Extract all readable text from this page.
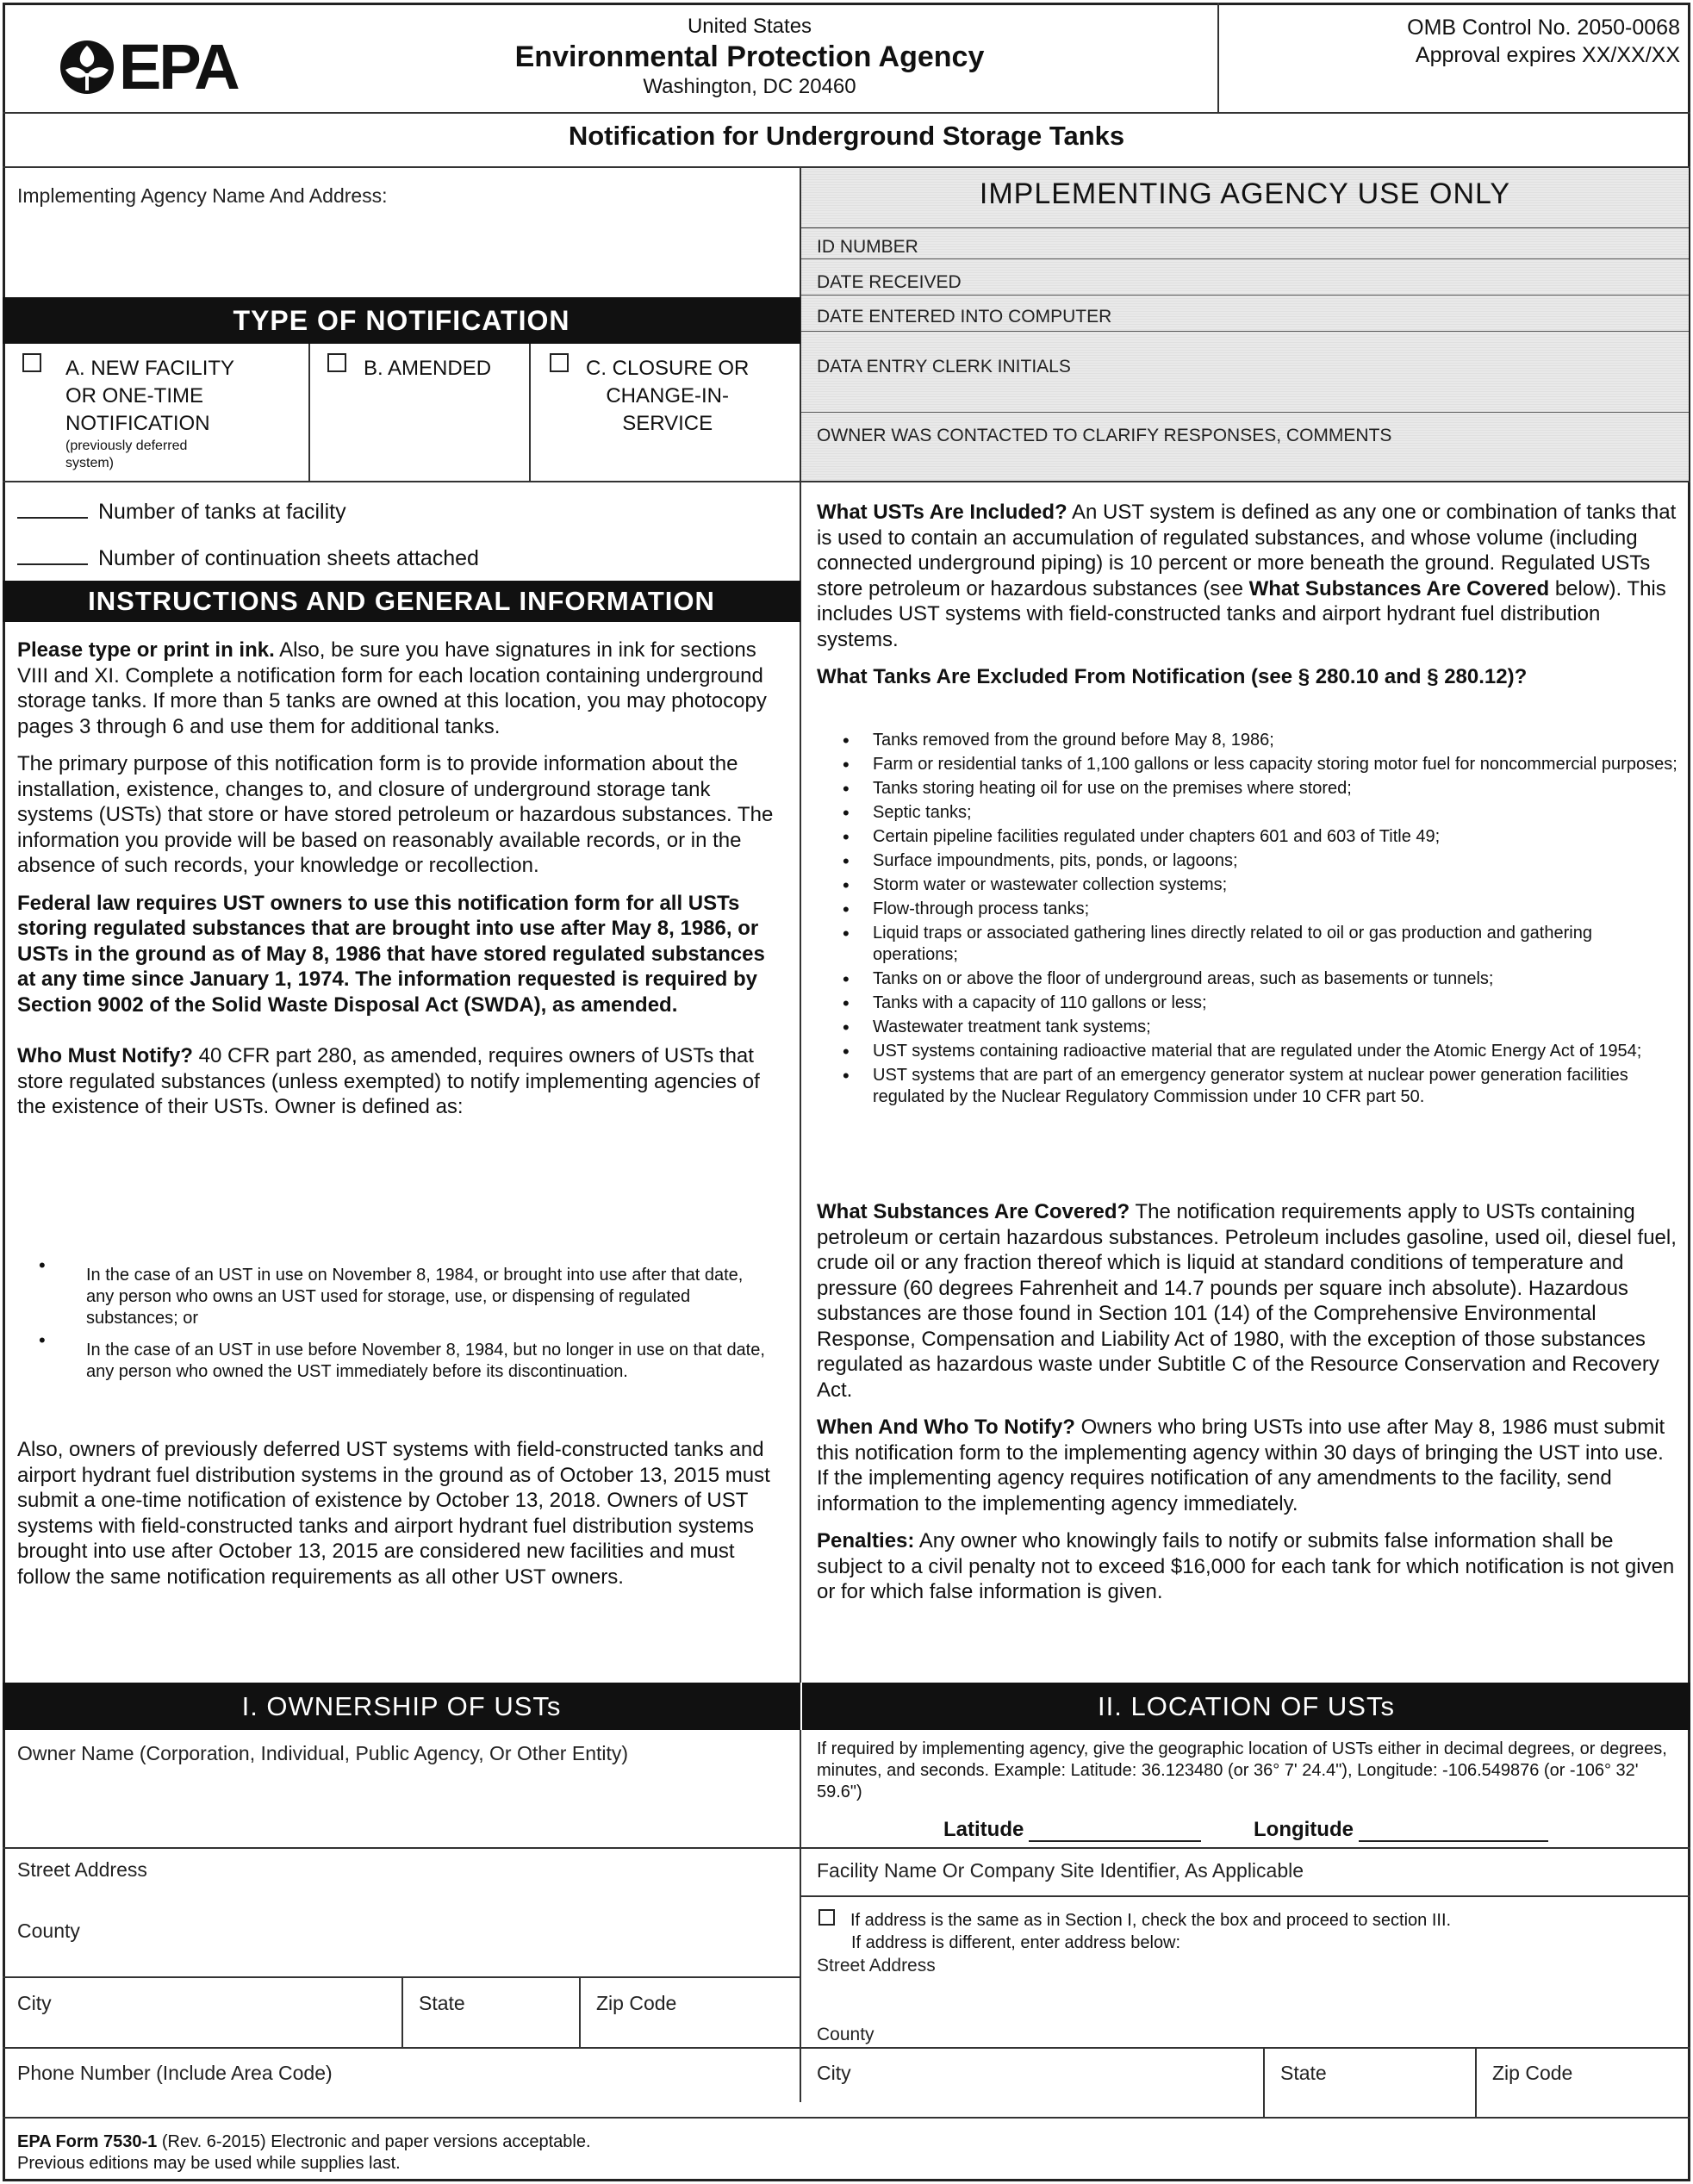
EPA
United States
Environmental Protection Agency
Washington, DC 20460
OMB Control No. 2050-0068
Approval expires XX/XX/XX
Notification for Underground Storage Tanks
Implementing Agency Name And Address:	IMPLEMENTING AGENCY USE ONLY
ID NUMBER
DATE RECEIVED
DATE ENTERED INTO COMPUTER
DATA ENTRY CLERK INITIALS
OWNER WAS CONTACTED TO CLARIFY RESPONSES, COMMENTS
TYPE OF NOTIFICATION
A. NEW FACILITY
OR ONE-TIME
NOTIFICATION
(previously deferred
system)
B. AMENDED	C. CLOSURE OR
CHANGE-IN-
SERVICE
Number of tanks at facility
Number of continuation sheets attached
INSTRUCTIONS AND GENERAL INFORMATION

Please type or print in ink. Also, be sure you have signatures in ink for sections VIII and XI. Complete a notification form for each location containing underground storage tanks. If more than 5 tanks are owned at this location, you may photocopy pages 3 through 6 and use them for additional tanks.

The primary purpose of this notification form is to provide information about the installation, existence, changes to, and closure of underground storage tank systems (USTs) that store or have stored petroleum or hazardous substances. The information you provide will be based on reasonably available records, or in the absence of such records, your knowledge or recollection.

Federal law requires UST owners to use this notification form for all USTs storing regulated substances that are brought into use after May 8, 1986, or USTs in the ground as of May 8, 1986 that have stored regulated substances at any time since January 1, 1974. The information requested is required by Section 9002 of the Solid Waste Disposal Act (SWDA), as amended.

Who Must Notify? 40 CFR part 280, as amended, requires owners of USTs that store regulated substances (unless exempted) to notify implementing agencies of the existence of their USTs. Owner is defined as:

• In the case of an UST in use on November 8, 1984, or brought into use after that date, any person who owns an UST used for storage, use, or dispensing of regulated substances; or
• In the case of an UST in use before November 8, 1984, but no longer in use on that date, any person who owned the UST immediately before its discontinuation.
Also, owners of previously deferred UST systems with field-constructed tanks and airport hydrant fuel distribution systems in the ground as of October 13, 2015 must submit a one-time notification of existence by October 13, 2018. Owners of UST systems with field-constructed tanks and airport hydrant fuel distribution systems brought into use after October 13, 2015 are considered new facilities and must follow the same notification requirements as all other UST owners.

What USTs Are Included? An UST system is defined as any one or combination of tanks that is used to contain an accumulation of regulated substances, and whose volume (including connected underground piping) is 10 percent or more beneath the ground. Regulated USTs store petroleum or hazardous substances (see What Substances Are Covered below). This includes UST systems with field-constructed tanks and airport hydrant fuel distribution systems.

What Tanks Are Excluded From Notification (see § 280.10 and § 280.12)?

• Tanks removed from the ground before May 8, 1986;
• Farm or residential tanks of 1,100 gallons or less capacity storing motor fuel for noncommercial purposes;
• Tanks storing heating oil for use on the premises where stored;
• Septic tanks;
• Certain pipeline facilities regulated under chapters 601 and 603 of Title 49;
• Surface impoundments, pits, ponds, or lagoons;
• Storm water or wastewater collection systems;
• Flow-through process tanks;
• Liquid traps or associated gathering lines directly related to oil or gas production and gathering operations;
• Tanks on or above the floor of underground areas, such as basements or tunnels;
• Tanks with a capacity of 110 gallons or less;
• Wastewater treatment tank systems;
• UST systems containing radioactive material that are regulated under the Atomic Energy Act of 1954;
• UST systems that are part of an emergency generator system at nuclear power generation facilities regulated by the Nuclear Regulatory Commission under 10 CFR part 50.

What Substances Are Covered? The notification requirements apply to USTs containing petroleum or certain hazardous substances. Petroleum includes gasoline, used oil, diesel fuel, crude oil or any fraction thereof which is liquid at standard conditions of temperature and pressure (60 degrees Fahrenheit and 14.7 pounds per square inch absolute). Hazardous substances are those found in Section 101 (14) of the Comprehensive Environmental Response, Compensation and Liability Act of 1980, with the exception of those substances regulated as hazardous waste under Subtitle C of the Resource Conservation and Recovery Act.

When And Who To Notify? Owners who bring USTs into use after May 8, 1986 must submit this notification form to the implementing agency within 30 days of bringing the UST into use. If the implementing agency requires notification of any amendments to the facility, send information to the implementing agency immediately.

Penalties: Any owner who knowingly fails to notify or submits false information shall be subject to a civil penalty not to exceed $16,000 for each tank for which notification is not given or for which false information is given.

I. OWNERSHIP OF USTs	II. LOCATION OF USTs
Owner Name (Corporation, Individual, Public Agency, Or Other Entity)
Street Address
County
City	State	Zip Code
Phone Number (Include Area Code)
If required by implementing agency, give the geographic location of USTs either in decimal degrees, or degrees, minutes, and seconds. Example: Latitude: 36.123480 (or 36° 7' 24.4"), Longitude: -106.549876 (or -106° 32' 59.6")
Latitude	Longitude
Facility Name Or Company Site Identifier, As Applicable
If address is the same as in Section I, check the box and proceed to section III.
If address is different, enter address below:
Street Address
County
City	State	Zip Code
EPA Form 7530-1 (Rev. 6-2015) Electronic and paper versions acceptable.
Previous editions may be used while supplies last.
